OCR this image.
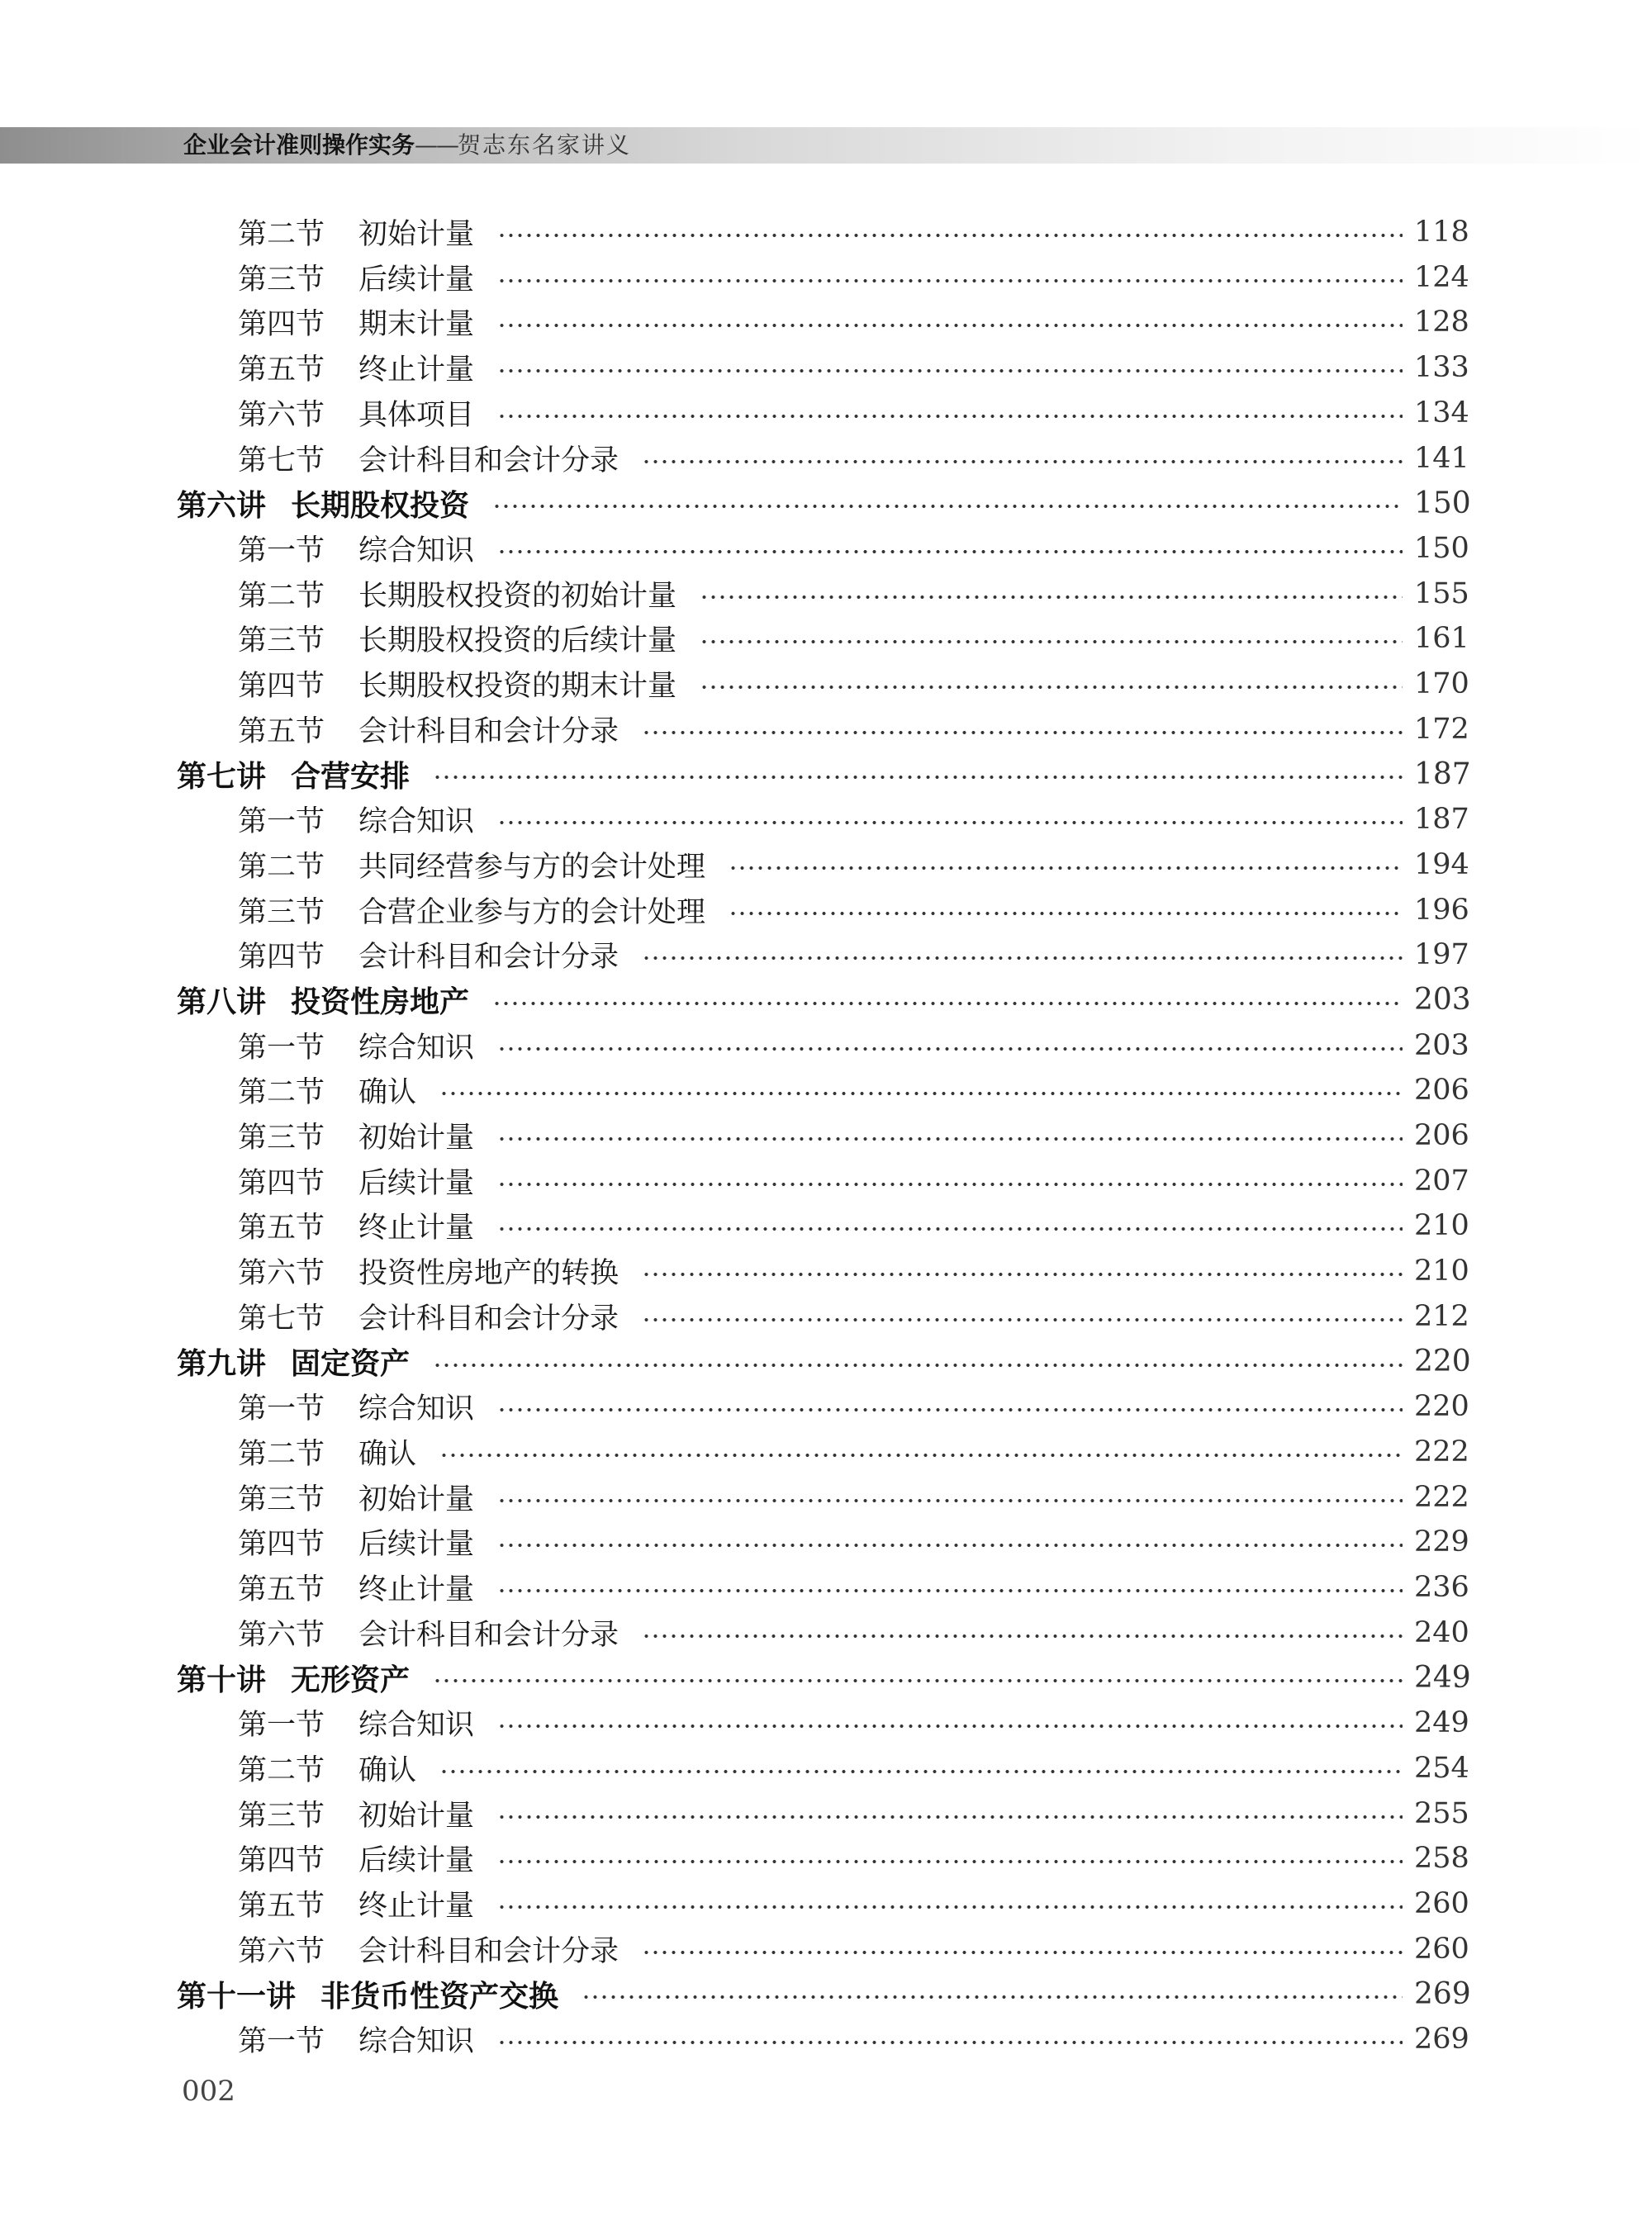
企业会计准则操作实务——贺志东名家讲义
第二节	初始计量	118
第三节	后续计量	124
第四节	期末计量	128
第五节	终止计量	133
第六节	具体项目	134
第七节	会计科目和会计分录	141
第六讲 长期股权投资	150
第一节	综合知识	150
第二节	长期股权投资的初始计量	155
第三节	长期股权投资的后续计量	161
第四节	长期股权投资的期末计量	170
第五节	会计科目和会计分录	172
第七讲 合营安排	187
第一节	综合知识	187
第二节	共同经营参与方的会计处理	194
第三节	合营企业参与方的会计处理	196
第四节	会计科目和会计分录	197
第八讲 投资性房地产	203
第一节	综合知识	203
第二节	确认	206
第三节	初始计量	206
第四节	后续计量	207
第五节	终止计量	210
第六节	投资性房地产的转换	210
第七节	会计科目和会计分录	212
第九讲 固定资产	220
第一节	综合知识	220
第二节	确认	222
第三节	初始计量	222
第四节	后续计量	229
第五节	终止计量	236
第六节	会计科目和会计分录	240
第十讲 无形资产	249
第一节	综合知识	249
第二节	确认	254
第三节	初始计量	255
第四节	后续计量	258
第五节	终止计量	260
第六节	会计科目和会计分录	260
第十一讲 非货币性资产交换	269
第一节	综合知识	269
002
